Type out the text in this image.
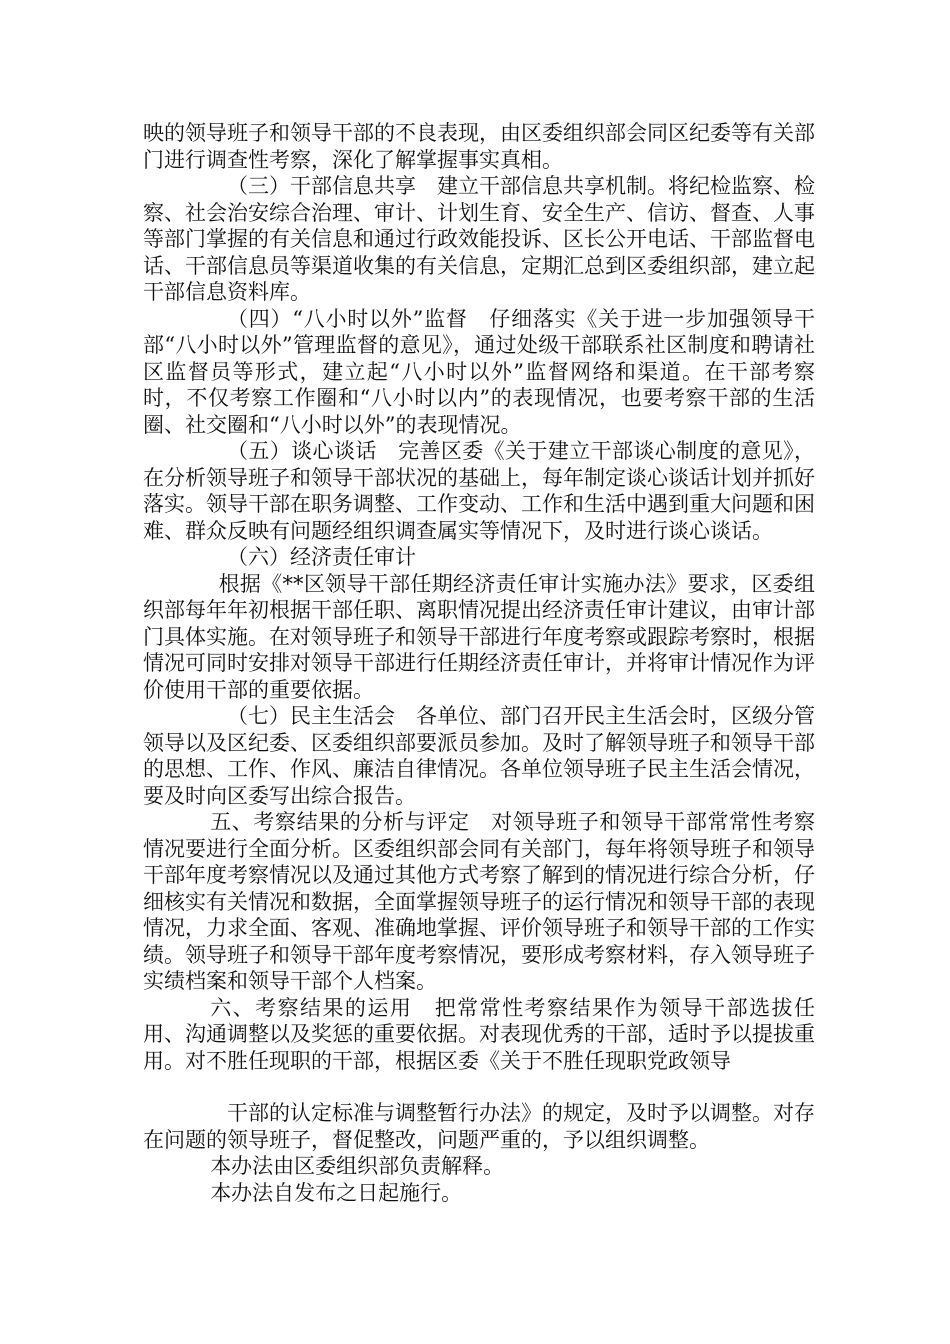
映的领导班子和领导干部的不良表现，由区委组织部会同区纪委等有关部门进行调查性考察，深化了解掌握事实真相。

（三）干部信息共享　建立干部信息共享机制。将纪检监察、检察、社会治安综合治理、审计、计划生育、安全生产、信访、督查、人事等部门掌握的有关信息和通过行政效能投诉、区长公开电话、干部监督电话、干部信息员等渠道收集的有关信息，定期汇总到区委组织部，建立起干部信息资料库。

（四）“八小时以外”监督　仔细落实《关于进一步加强领导干部“八小时以外”管理监督的意见》，通过处级干部联系社区制度和聘请社区监督员等形式，建立起“八小时以外”监督网络和渠道。在干部考察时，不仅考察工作圈和“八小时以内”的表现情况，也要考察干部的生活圈、社交圈和“八小时以外”的表现情况。

（五）谈心谈话　完善区委《关于建立干部谈心制度的意见》，在分析领导班子和领导干部状况的基础上，每年制定谈心谈话计划并抓好落实。领导干部在职务调整、工作变动、工作和生活中遇到重大问题和困难、群众反映有问题经组织调查属实等情况下，及时进行谈心谈话。

（六）经济责任审计

根据《**区领导干部任期经济责任审计实施办法》要求，区委组织部每年年初根据干部任职、离职情况提出经济责任审计建议，由审计部门具体实施。在对领导班子和领导干部进行年度考察或跟踪考察时，根据情况可同时安排对领导干部进行任期经济责任审计，并将审计情况作为评价使用干部的重要依据。

（七）民主生活会　各单位、部门召开民主生活会时，区级分管领导以及区纪委、区委组织部要派员参加。及时了解领导班子和领导干部的思想、工作、作风、廉洁自律情况。各单位领导班子民主生活会情况，要及时向区委写出综合报告。

五、考察结果的分析与评定　对领导班子和领导干部常常性考察情况要进行全面分析。区委组织部会同有关部门，每年将领导班子和领导干部年度考察情况以及通过其他方式考察了解到的情况进行综合分析，仔细核实有关情况和数据，全面掌握领导班子的运行情况和领导干部的表现情况，力求全面、客观、准确地掌握、评价领导班子和领导干部的工作实绩。领导班子和领导干部年度考察情况，要形成考察材料，存入领导班子实绩档案和领导干部个人档案。

六、考察结果的运用　把常常性考察结果作为领导干部选拔任用、沟通调整以及奖惩的重要依据。对表现优秀的干部，适时予以提拔重用。对不胜任现职的干部，根据区委《关于不胜任现职党政领导

干部的认定标准与调整暂行办法》的规定，及时予以调整。对存在问题的领导班子，督促整改，问题严重的，予以组织调整。

本办法由区委组织部负责解释。

本办法自发布之日起施行。
